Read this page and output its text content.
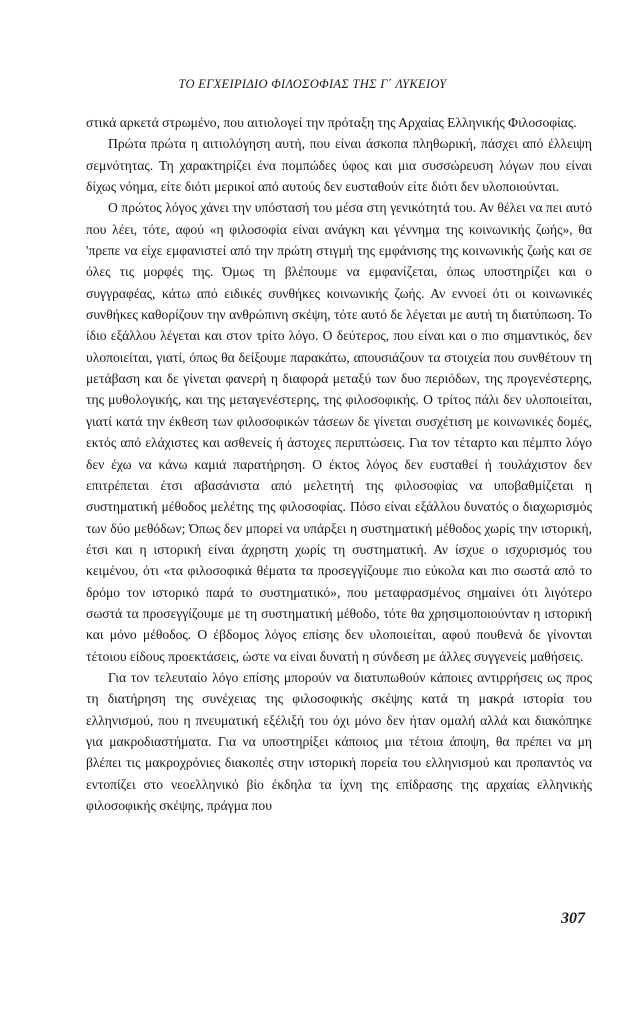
ΤΟ ΕΓΧΕΙΡΙΔΙΟ ΦΙΛΟΣΟΦΙΑΣ ΤΗΣ Γ΄ ΛΥΚΕΙΟΥ

στικά αρκετά στρωμένο, που αιτιολογεί την πρόταξη της Αρχαίας Ελληνικής Φιλοσοφίας.

Πρώτα πρώτα η αιτιολόγηση αυτή, που είναι άσκοπα πληθωρική, πάσχει από έλλειψη σεμνότητας. Τη χαρακτηρίζει ένα πομπώδες ύφος και μια συσσώρευση λόγων που είναι δίχως νόημα, είτε διότι μερικοί από αυτούς δεν ευσταθούν είτε διότι δεν υλοποιούνται.

Ο πρώτος λόγος χάνει την υπόστασή του μέσα στη γενικότητά του. Αν θέλει να πει αυτό που λέει, τότε, αφού «η φιλοσοφία είναι ανάγκη και γέννημα της κοινωνικής ζωής», θα 'πρεπε να είχε εμφανιστεί από την πρώτη στιγμή της εμφάνισης της κοινωνικής ζωής και σε όλες τις μορφές της. Όμως τη βλέπουμε να εμφανίζεται, όπως υποστηρίζει και ο συγγραφέας, κάτω από ειδικές συνθήκες κοινωνικής ζωής. Αν εννοεί ότι οι κοινωνικές συνθήκες καθορίζουν την ανθρώπινη σκέψη, τότε αυτό δε λέγεται με αυτή τη διατύπωση. Το ίδιο εξάλλου λέγεται και στον τρίτο λόγο. Ο δεύτερος, που είναι και ο πιο σημαντικός, δεν υλοποιείται, γιατί, όπως θα δείξουμε παρακάτω, απουσιάζουν τα στοιχεία που συνθέτουν τη μετάβαση και δε γίνεται φανερή η διαφορά μεταξύ των δυο περιόδων, της προγενέστερης, της μυθολογικής, και της μεταγενέστερης, της φιλοσοφικής. Ο τρίτος πάλι δεν υλοποιείται, γιατί κατά την έκθεση των φιλοσοφικών τάσεων δε γίνεται συσχέτιση με κοινωνικές δομές, εκτός από ελάχιστες και ασθενείς ή άστοχες περιπτώσεις. Για τον τέταρτο και πέμπτο λόγο δεν έχω να κάνω καμιά παρατήρηση. Ο έκτος λόγος δεν ευσταθεί ή τουλάχιστον δεν επιτρέπεται έτσι αβασάνιστα από μελετητή της φιλοσοφίας να υποβαθμίζεται η συστηματική μέθοδος μελέτης της φιλοσοφίας. Πόσο είναι εξάλλου δυνατός ο διαχωρισμός των δύο μεθόδων; Όπως δεν μπορεί να υπάρξει η συστηματική μέθοδος χωρίς την ιστορική, έτσι και η ιστορική είναι άχρηστη χωρίς τη συστηματική. Αν ίσχυε ο ισχυρισμός του κειμένου, ότι «τα φιλοσοφικά θέματα τα προσεγγίζουμε πιο εύκολα και πιο σωστά από το δρόμο τον ιστορικό παρά το συστηματικό», που μεταφρασμένος σημαίνει ότι λιγότερο σωστά τα προσεγγίζουμε με τη συστηματική μέθοδο, τότε θα χρησιμοποιούνταν η ιστορική και μόνο μέθοδος. Ο έβδομος λόγος επίσης δεν υλοποιείται, αφού πουθενά δε γίνονται τέτοιου είδους προεκτάσεις, ώστε να είναι δυνατή η σύνδεση με άλλες συγγενείς μαθήσεις.

Για τον τελευταίο λόγο επίσης μπορούν να διατυπωθούν κάποιες αντιρρήσεις ως προς τη διατήρηση της συνέχειας της φιλοσοφικής σκέψης κατά τη μακρά ιστορία του ελληνισμού, που η πνευματική εξέλιξή του όχι μόνο δεν ήταν ομαλή αλλά και διακόπηκε για μακροδιαστήματα. Για να υποστηρίξει κάποιος μια τέτοια άποψη, θα πρέπει να μη βλέπει τις μακροχρόνιες διακοπές στην ιστορική πορεία του ελληνισμού και προπαντός να εντοπίζει στο νεοελληνικό βίο έκδηλα τα ίχνη της επίδρασης της αρχαίας ελληνικής φιλοσοφικής σκέψης, πράγμα που

307
